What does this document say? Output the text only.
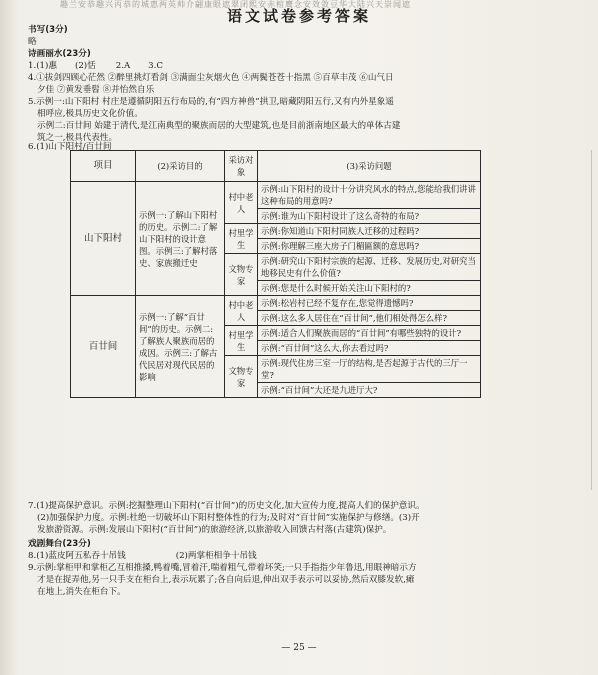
趣兰安恭趣兴丙恭的城惠两英帅介翩康眼遮翠闭熙安赤棺鹰念安效敛豆华大陆兴天崇闻遮
语文试卷参考答案
书写(3分)
略
诗画丽水(23分)
1.(1)惠 (2)恬 2.A 3.C
4.①拔剑四顾心茫然 ②醉里挑灯看剑 ③满面尘灰烟火色 ④两鬓苍苍十指黑 ⑤百草丰茂 ⑥山气日
夕佳 ⑦黄发垂髫 ⑧并怡然自乐
5.示例一:山下阳村 村庄是遵循阴阳五行布局的,有“四方神兽”拱卫,暗藏阴阳五行,又有内外星象遥
相呼应,极具历史文化价值。
示例二:百廿间 始建于清代,是江南典型的聚族而居的大型建筑,也是目前浙南地区最大的单体古建
筑之一,极具代表性。
6.(1)山下阳村/百廿间
项目	(2)采访目的	采访对象	(3)采访问题
山下阳村	示例一:了解山下阳村的历史。示例二:了解山下阳村的设计意图。示例三:了解村落史、家族搬迁史	村中老人	示例:山下阳村的设计十分讲究风水的特点,您能给我们讲讲这种布局的用意吗?
			示例:谁为山下阳村设计了这么奇特的布局?
		村里学生	示例:你知道山下阳村同族人迁移的过程吗?
			示例:你理解三座大房子门楣匾额的意思吗?
		文物专家	示例:研究山下阳村宗族的起源、迁移、发展历史,对研究当地移民史有什么价值?
			示例:您是什么时候开始关注山下阳村的?
百廿间	示例一:了解“百廿间”的历史。示例二:了解族人聚族而居的成因。示例三:了解古代民居对现代民居的影响	村中老人	示例:松岩村已经不复存在,您觉得遗憾吗?
			示例:这么多人居住在“百廿间”,他们相处得怎么样?
		村里学生	示例:适合人们聚族而居的“百廿间”有哪些独特的设计?
			示例:“百廿间”这么大,你去看过吗?
		文物专家	示例:现代住房三室一厅的结构,是否起源于古代的三厅一堂?
			示例:“百廿间”大还是九进厅大?
7.(1)提高保护意识。示例:挖掘整理山下阳村(“百廿间”)的历史文化,加大宣传力度,提高人们的保护意识。
(2)加强保护力度。示例:杜绝一切破坏山下阳村整体性的行为;及时对“百廿间”实施保护与修缮。(3)开
发旅游资源。示例:发展山下阳村(“百廿间”)的旅游经济,以旅游收入回馈古村落(古建筑)保护。
戏剧舞台(23分)
8.(1)蓝皮阿五私吞十吊钱	(2)两掌柜相争十吊钱
9.示例:掌柜甲和掌柜乙互相推搡,鸭着嘴,冒着汗,喘着粗气,带着坏笑;一只手指指少年鲁迅,用眼神暗示方
才是在捉弄他,另一只手支在柜台上,表示玩累了;各自向后退,伸出双手表示可以妥协,然后双膝发软,瘫
在地上,消失在柜台下。
— 25 —
